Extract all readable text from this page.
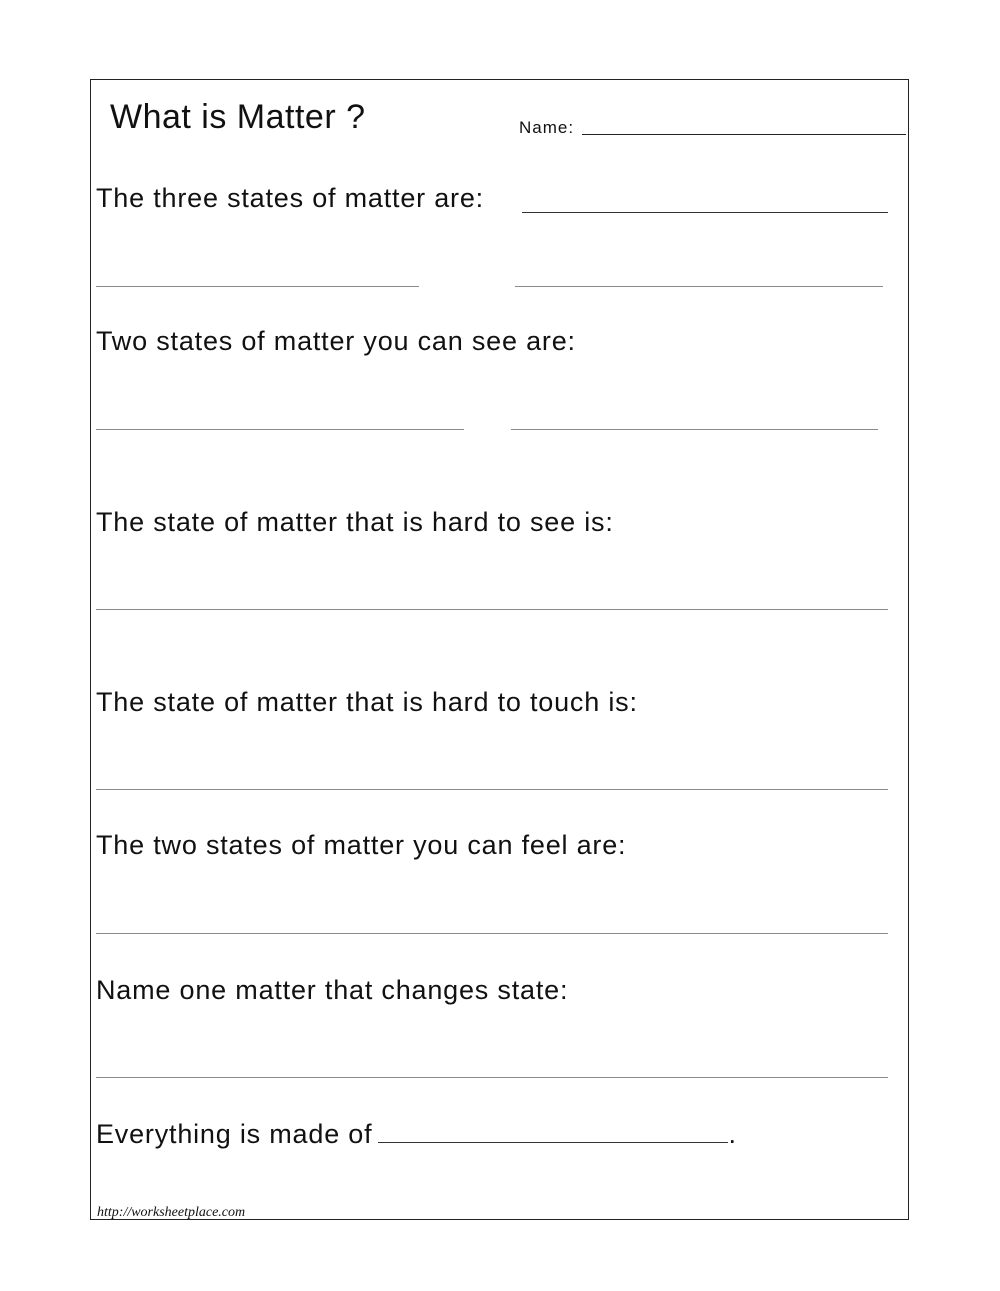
What is Matter ?	Name:
The three states of matter are:
Two states of matter you can see are:
The state of matter that is hard to see is:
The state of matter that is hard to touch is:
The two states of matter you can feel are:
Name one matter that changes state:
Everything is made of	.
http://worksheetplace.com
